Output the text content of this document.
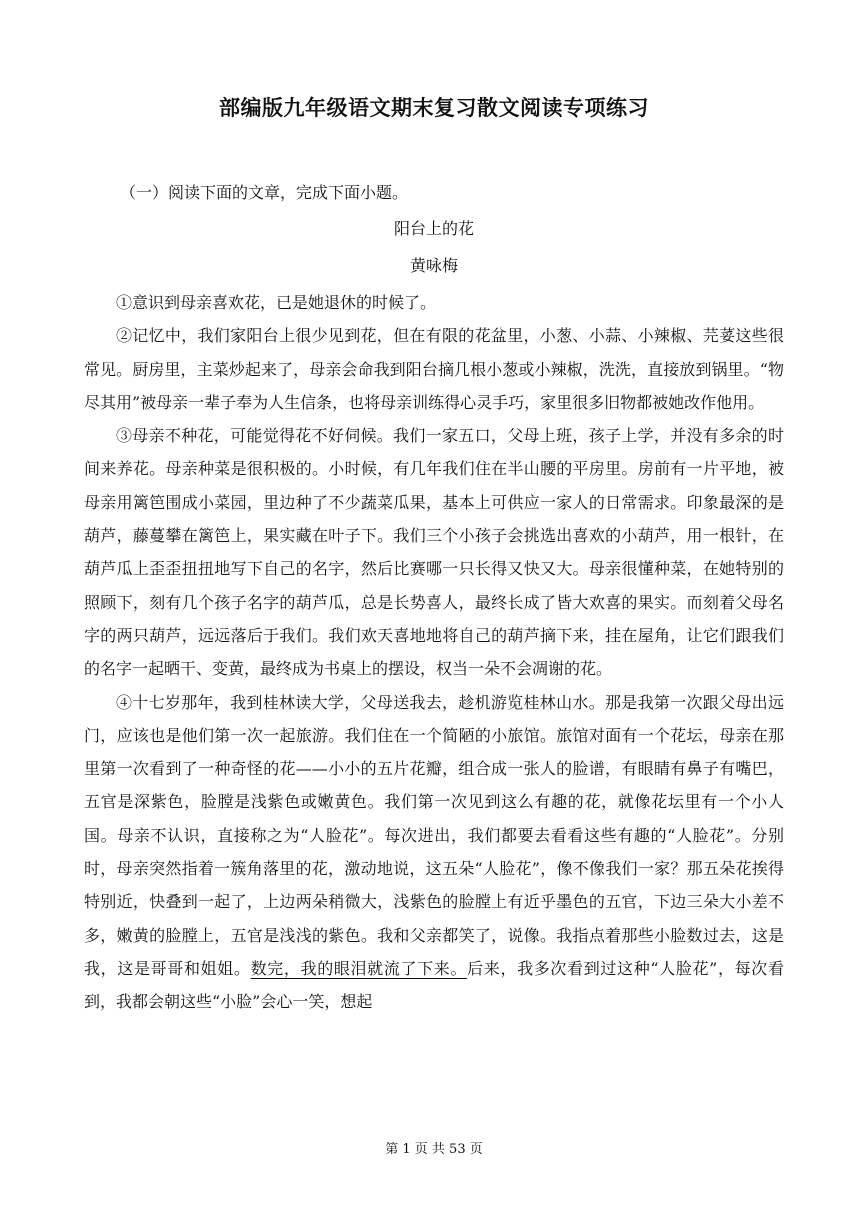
部编版九年级语文期末复习散文阅读专项练习
（一）阅读下面的文章，完成下面小题。
阳台上的花
黄咏梅

①意识到母亲喜欢花，已是她退休的时候了。

②记忆中，我们家阳台上很少见到花，但在有限的花盆里，小葱、小蒜、小辣椒、芫荽这些很常见。厨房里，主菜炒起来了，母亲会命我到阳台摘几根小葱或小辣椒，洗洗，直接放到锅里。“物尽其用”被母亲一辈子奉为人生信条，也将母亲训练得心灵手巧，家里很多旧物都被她改作他用。

③母亲不种花，可能觉得花不好伺候。我们一家五口，父母上班，孩子上学，并没有多余的时间来养花。母亲种菜是很积极的。小时候，有几年我们住在半山腰的平房里。房前有一片平地，被母亲用篱笆围成小菜园，里边种了不少蔬菜瓜果，基本上可供应一家人的日常需求。印象最深的是葫芦，藤蔓攀在篱笆上，果实藏在叶子下。我们三个小孩子会挑选出喜欢的小葫芦，用一根针，在葫芦瓜上歪歪扭扭地写下自己的名字，然后比赛哪一只长得又快又大。母亲很懂种菜，在她特别的照顾下，刻有几个孩子名字的葫芦瓜，总是长势喜人，最终长成了皆大欢喜的果实。而刻着父母名字的两只葫芦，远远落后于我们。我们欢天喜地地将自己的葫芦摘下来，挂在屋角，让它们跟我们的名字一起晒干、变黄，最终成为书桌上的摆设，权当一朵不会凋谢的花。

④十七岁那年，我到桂林读大学，父母送我去，趁机游览桂林山水。那是我第一次跟父母出远门，应该也是他们第一次一起旅游。我们住在一个简陋的小旅馆。旅馆对面有一个花坛，母亲在那里第一次看到了一种奇怪的花——小小的五片花瓣，组合成一张人的脸谱，有眼睛有鼻子有嘴巴，五官是深紫色，脸膛是浅紫色或嫩黄色。我们第一次见到这么有趣的花，就像花坛里有一个小人国。母亲不认识，直接称之为“人脸花”。每次进出，我们都要去看看这些有趣的“人脸花”。分别时，母亲突然指着一簇角落里的花，激动地说，这五朵“人脸花”，像不像我们一家？那五朵花挨得特别近，快叠到一起了，上边两朵稍微大，浅紫色的脸膛上有近乎墨色的五官，下边三朵大小差不多，嫩黄的脸膛上，五官是浅浅的紫色。我和父亲都笑了，说像。我指点着那些小脸数过去，这是我，这是哥哥和姐姐。数完，我的眼泪就流了下来。后来，我多次看到过这种“人脸花”，每次看到，我都会朝这些“小脸”会心一笑，想起

第 1 页 共 53 页
